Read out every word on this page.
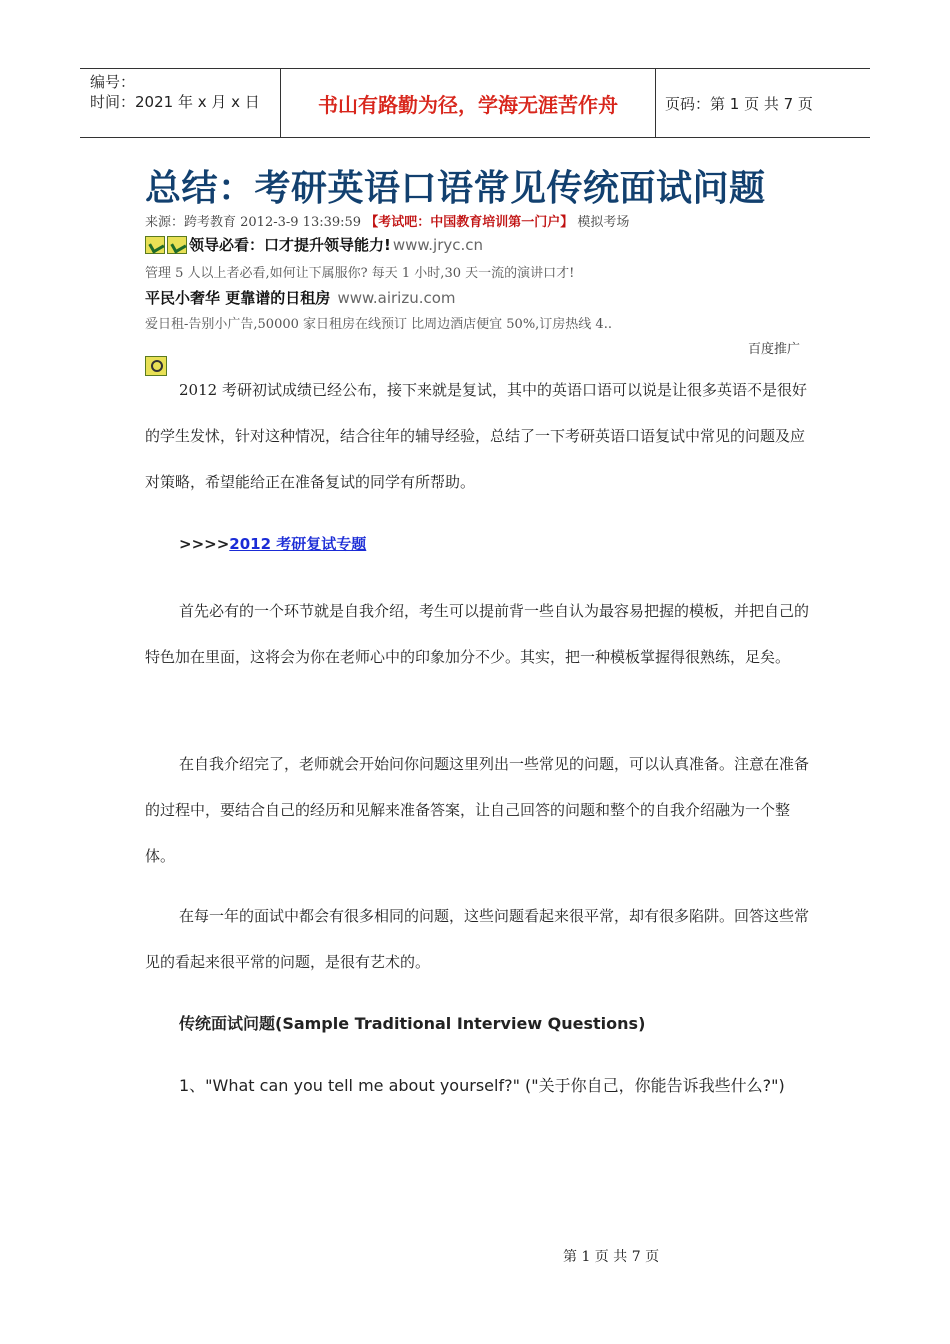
编号：
时间：2021 年 x 月 x 日	书山有路勤为径，学海无涯苦作舟	页码：第 1 页 共 7 页
总结：考研英语口语常见传统面试问题
来源：跨考教育 2012-3-9 13:39:59 【考试吧：中国教育培训第一门户】 模拟考场
领导必看：口才提升领导能力! www.jryc.cn
管理 5 人以上者必看,如何让下属服你? 每天 1 小时,30 天一流的演讲口才!
平民小奢华 更靠谱的日租房 www.airizu.com
爱日租-告别小广告,50000 家日租房在线预订 比周边酒店便宜 50%,订房热线 4..
百度推广
2012 考研初试成绩已经公布，接下来就是复试，其中的英语口语可以说是让很多英语不是很好的学生发怵，针对这种情况，结合往年的辅导经验，总结了一下考研英语口语复试中常见的问题及应对策略，希望能给正在准备复试的同学有所帮助。
>>>>2012 考研复试专题
首先必有的一个环节就是自我介绍，考生可以提前背一些自认为最容易把握的模板，并把自己的特色加在里面，这将会为你在老师心中的印象加分不少。其实，把一种模板掌握得很熟练，足矣。
在自我介绍完了，老师就会开始问你问题这里列出一些常见的问题，可以认真准备。注意在准备的过程中，要结合自己的经历和见解来准备答案，让自己回答的问题和整个的自我介绍融为一个整体。
在每一年的面试中都会有很多相同的问题，这些问题看起来很平常，却有很多陷阱。回答这些常见的看起来很平常的问题，是很有艺术的。
传统面试问题(Sample Traditional Interview Questions)
1、"What can you tell me about yourself?" ("关于你自己，你能告诉我些什么?")
第 1 页 共 7 页
